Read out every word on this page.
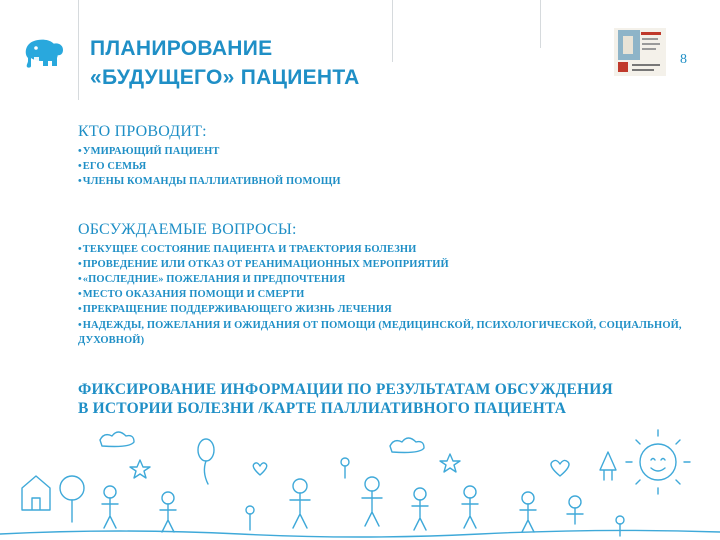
ПЛАНИРОВАНИЕ
«БУДУЩЕГО» ПАЦИЕНТА
8
КТО ПРОВОДИТ:
• УМИРАЮЩИЙ ПАЦИЕНТ
• ЕГО СЕМЬЯ
• ЧЛЕНЫ КОМАНДЫ ПАЛЛИАТИВНОЙ ПОМОЩИ
ОБСУЖДАЕМЫЕ ВОПРОСЫ:
• ТЕКУЩЕЕ СОСТОЯНИЕ ПАЦИЕНТА И ТРАЕКТОРИЯ БОЛЕЗНИ
• ПРОВЕДЕНИЕ ИЛИ ОТКАЗ ОТ РЕАНИМАЦИОННЫХ МЕРОПРИЯТИЙ
• «ПОСЛЕДНИЕ» ПОЖЕЛАНИЯ И ПРЕДПОЧТЕНИЯ
• МЕСТО ОКАЗАНИЯ ПОМОЩИ И СМЕРТИ
• ПРЕКРАЩЕНИЕ ПОДДЕРЖИВАЮЩЕГО ЖИЗНЬ ЛЕЧЕНИЯ
• НАДЕЖДЫ, ПОЖЕЛАНИЯ И ОЖИДАНИЯ ОТ ПОМОЩИ (МЕДИЦИНСКОЙ, ПСИХОЛОГИЧЕСКОЙ, СОЦИАЛЬНОЙ, ДУХОВНОЙ)
ФИКСИРОВАНИЕ ИНФОРМАЦИИ ПО РЕЗУЛЬТАТАМ ОБСУЖДЕНИЯ
В ИСТОРИИ БОЛЕЗНИ /КАРТЕ ПАЛЛИАТИВНОГО ПАЦИЕНТА
